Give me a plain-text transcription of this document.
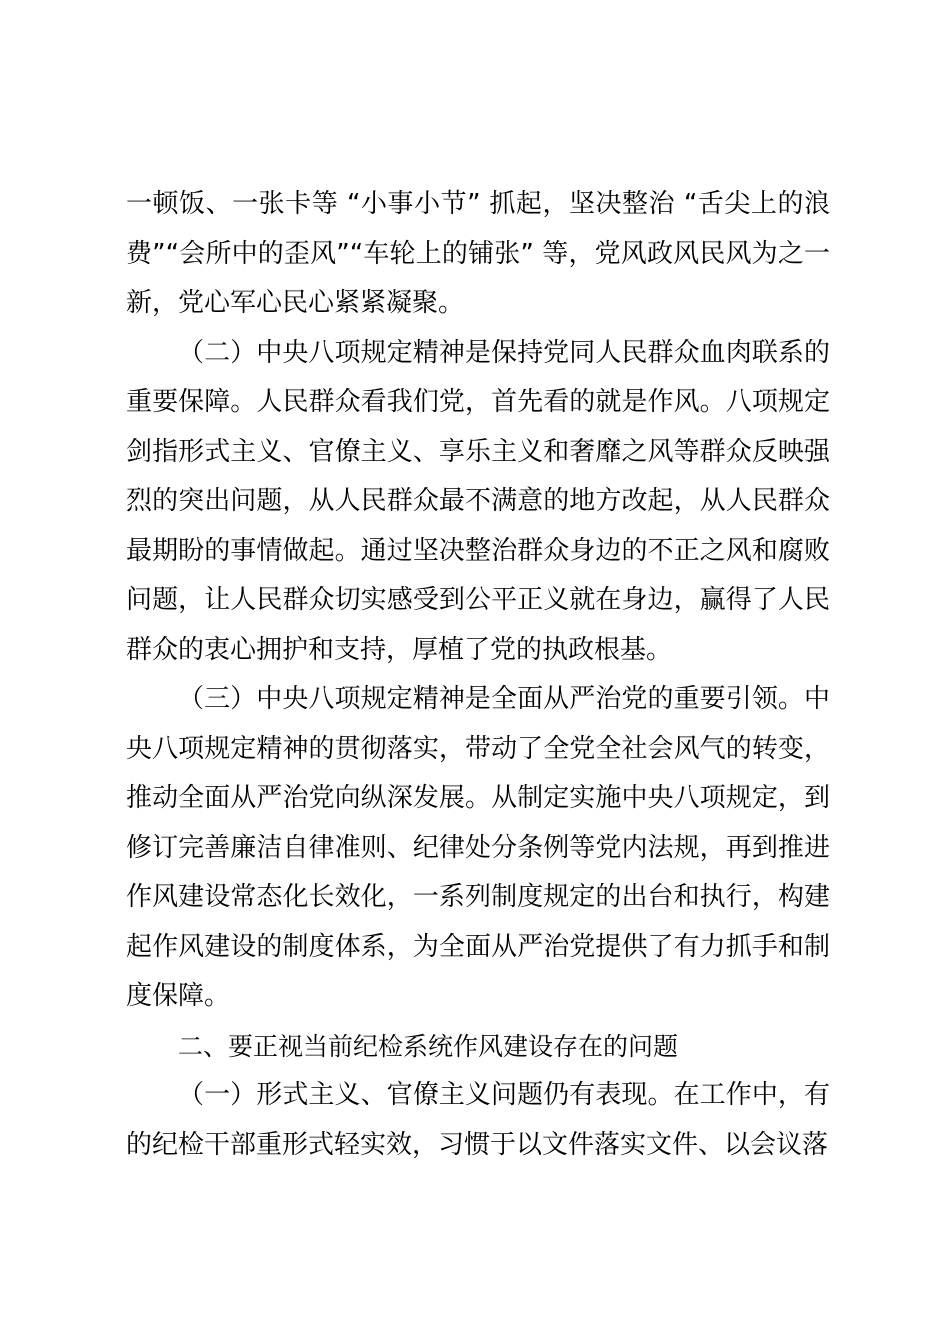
一顿饭、一张卡等 “小事小节” 抓起，坚决整治 “舌尖上的浪费”“会所中的歪风”“车轮上的铺张” 等，党风政风民风为之一新，党心军心民心紧紧凝聚。

（二）中央八项规定精神是保持党同人民群众血肉联系的重要保障。人民群众看我们党，首先看的就是作风。八项规定剑指形式主义、官僚主义、享乐主义和奢靡之风等群众反映强烈的突出问题，从人民群众最不满意的地方改起，从人民群众最期盼的事情做起。通过坚决整治群众身边的不正之风和腐败问题，让人民群众切实感受到公平正义就在身边，赢得了人民群众的衷心拥护和支持，厚植了党的执政根基。

（三）中央八项规定精神是全面从严治党的重要引领。中央八项规定精神的贯彻落实，带动了全党全社会风气的转变，推动全面从严治党向纵深发展。从制定实施中央八项规定，到修订完善廉洁自律准则、纪律处分条例等党内法规，再到推进作风建设常态化长效化，一系列制度规定的出台和执行，构建起作风建设的制度体系，为全面从严治党提供了有力抓手和制度保障。

二、要正视当前纪检系统作风建设存在的问题

（一）形式主义、官僚主义问题仍有表现。在工作中，有的纪检干部重形式轻实效，习惯于以文件落实文件、以会议落
